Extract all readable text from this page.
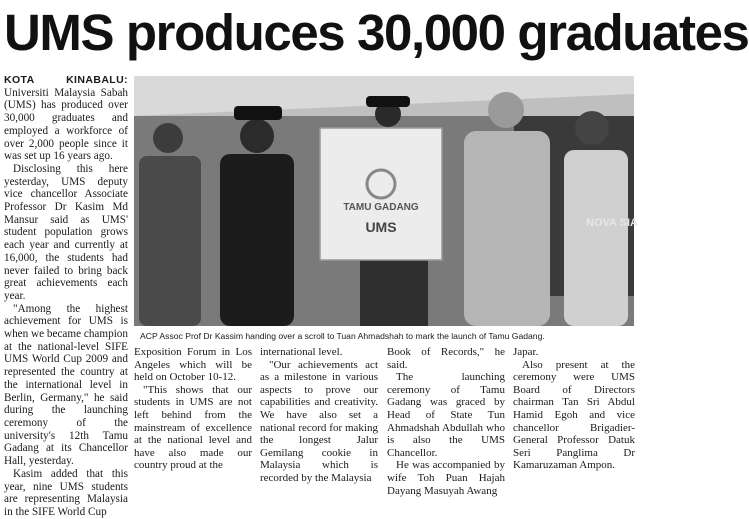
UMS produces 30,000 graduates

KOTA KINABALU: Universiti Malaysia Sabah (UMS) has produced over 30,000 graduates and employed a workforce of over 2,000 people since it was set up 16 years ago.

Disclosing this here yesterday, UMS deputy vice chancellor Associate Professor Dr Kasim Md Mansur said as UMS' student population grows each year and currently at 16,000, the students had never failed to bring back great achievements each year.

"Among the highest achievement for UMS is when we became champion at the national-level SIFE UMS World Cup 2009 and represented the country at the international level in Berlin, Germany," he said during the launching ceremony of the university's 12th Tamu Gadang at its Chancellor Hall, yesterday.

Kasim added that this year, nine UMS students are representing Malaysia in the SIFE World Cup

TAMU GADANG
UMS	NOVA SIA
ACP Assoc Prof Dr Kassim handing over a scroll to Tuan Ahmadshah to mark the launch of Tamu Gadang.

Exposition Forum in Los Angeles which will be held on October 10-12.

"This shows that our students in UMS are not left behind from the mainstream of excellence at the national level and have also made our country proud at the

international level.

"Our achievements act as a milestone in various aspects to prove our capabilities and creativity. We have also set a national record for making the longest Jalur Gemilang cookie in Malaysia which is recorded by the Malaysia

Book of Records," he said.

The launching ceremony of Tamu Gadang was graced by Head of State Tun Ahmadshah Abdullah who is also the UMS Chancellor.

He was accompanied by wife Toh Puan Hajah Dayang Masuyah Awang

Japar.

Also present at the ceremony were UMS Board of Directors chairman Tan Sri Abdul Hamid Egoh and vice chancellor Brigadier-General Professor Datuk Seri Panglima Dr Kamaruzaman Ampon.
